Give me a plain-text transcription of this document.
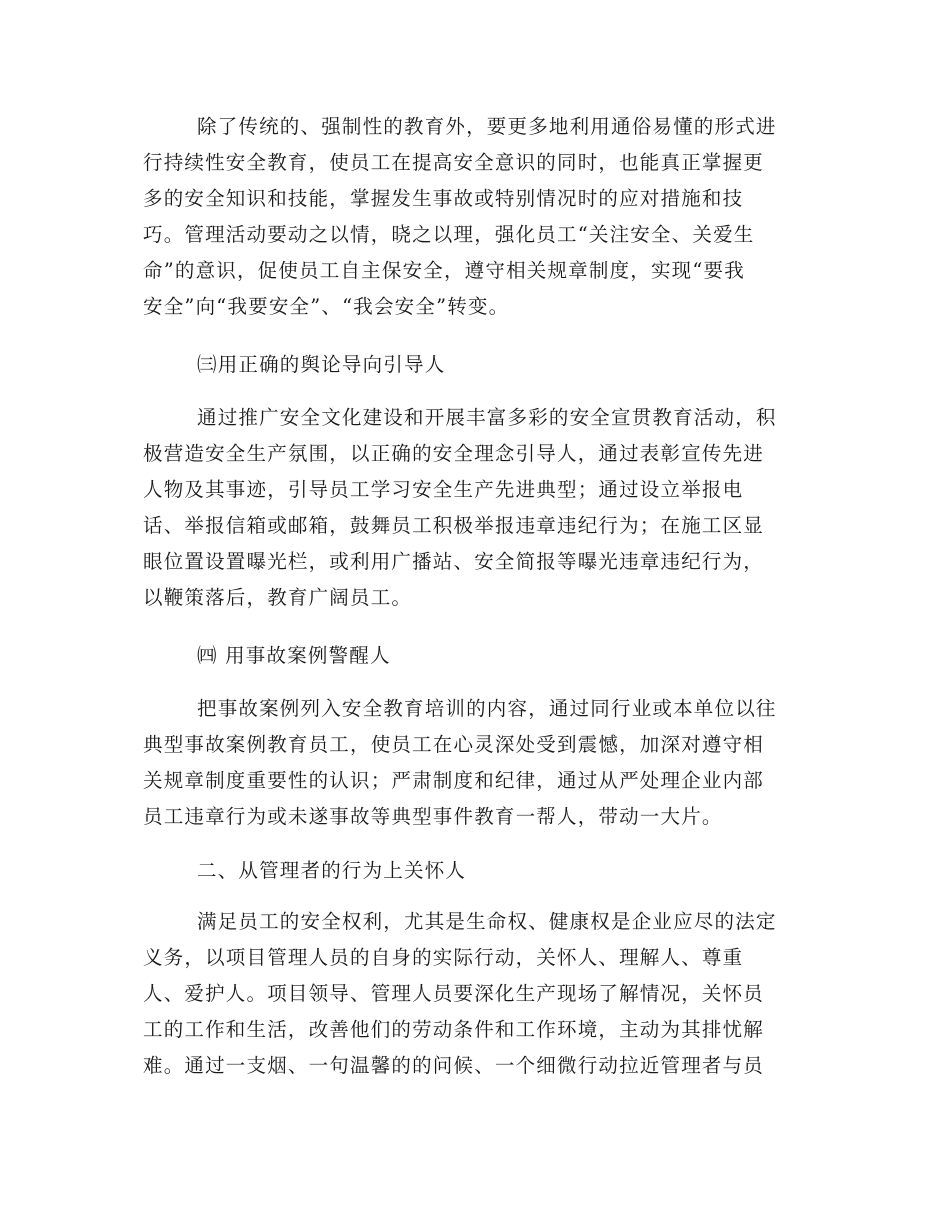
除了传统的、强制性的教育外，要更多地利用通俗易懂的形式进
行持续性安全教育，使员工在提高安全意识的同时，也能真正掌握更
多的安全知识和技能，掌握发生事故或特别情况时的应对措施和技
巧。管理活动要动之以情，晓之以理，强化员工“关注安全、关爱生
命”的意识，促使员工自主保安全，遵守相关规章制度，实现“要我
安全”向“我要安全”、“我会安全”转变。
㈢用正确的舆论导向引导人
通过推广安全文化建设和开展丰富多彩的安全宣贯教育活动，积
极营造安全生产氛围，以正确的安全理念引导人，通过表彰宣传先进
人物及其事迹，引导员工学习安全生产先进典型；通过设立举报电
话、举报信箱或邮箱，鼓舞员工积极举报违章违纪行为；在施工区显
眼位置设置曝光栏，或利用广播站、安全简报等曝光违章违纪行为，
以鞭策落后，教育广阔员工。
㈣ 用事故案例警醒人
把事故案例列入安全教育培训的内容，通过同行业或本单位以往
典型事故案例教育员工，使员工在心灵深处受到震憾，加深对遵守相
关规章制度重要性的认识；严肃制度和纪律，通过从严处理企业内部
员工违章行为或未遂事故等典型事件教育一帮人，带动一大片。
二、从管理者的行为上关怀人
满足员工的安全权利，尤其是生命权、健康权是企业应尽的法定
义务，以项目管理人员的自身的实际行动，关怀人、理解人、尊重
人、爱护人。项目领导、管理人员要深化生产现场了解情况，关怀员
工的工作和生活，改善他们的劳动条件和工作环境，主动为其排忧解
难。通过一支烟、一句温馨的的问候、一个细微行动拉近管理者与员
